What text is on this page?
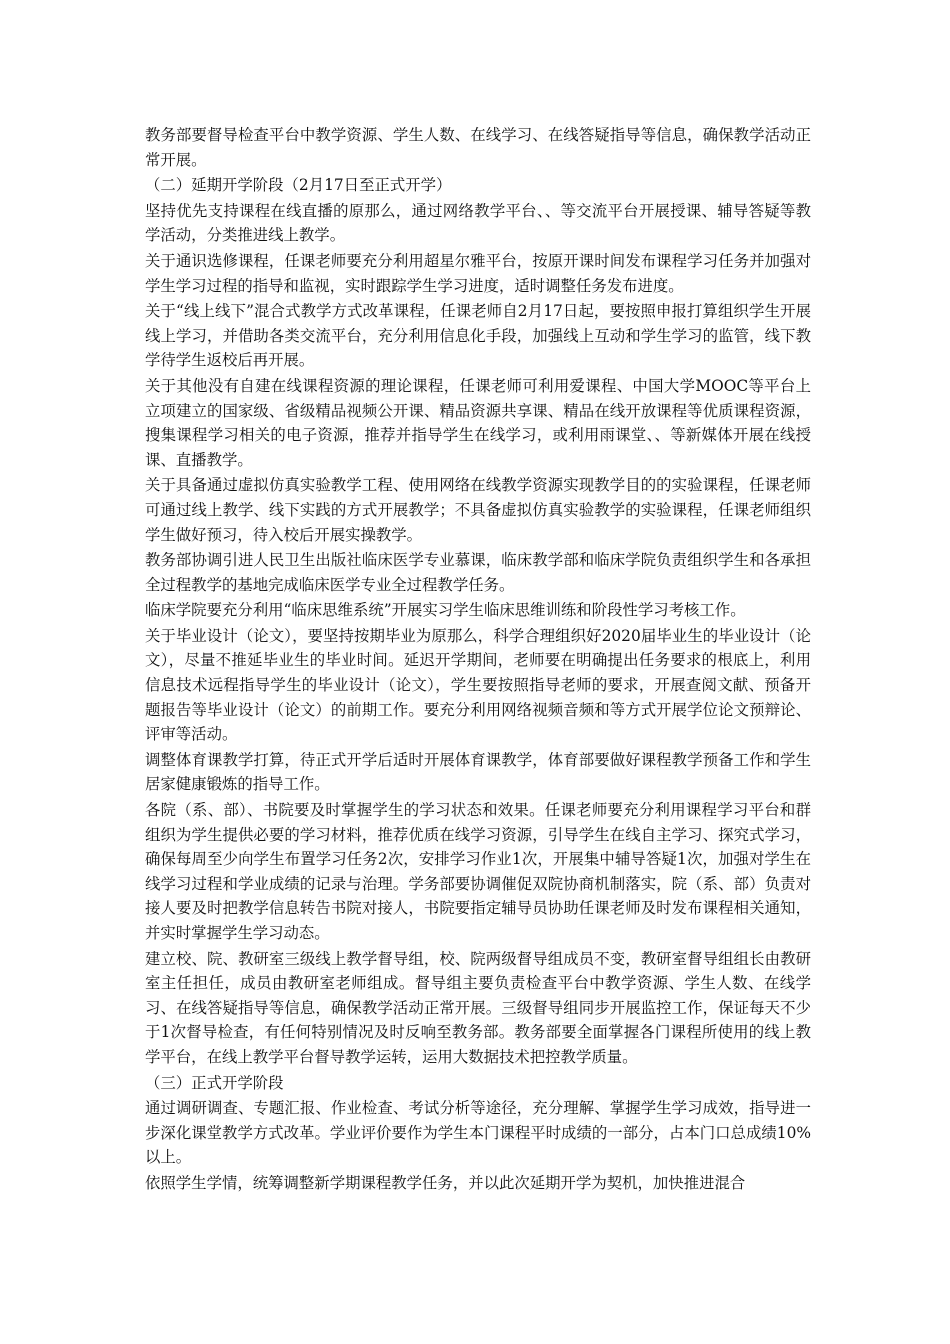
教务部要督导检查平台中教学资源、学生人数、在线学习、在线答疑指导等信息，确保教学活动正常开展。

（二）延期开学阶段（2月17日至正式开学）

坚持优先支持课程在线直播的原那么，通过网络教学平台、、等交流平台开展授课、辅导答疑等教学活动，分类推进线上教学。

关于通识选修课程，任课老师要充分利用超星尔雅平台，按原开课时间发布课程学习任务并加强对学生学习过程的指导和监视，实时跟踪学生学习进度，适时调整任务发布进度。

关于“线上线下”混合式教学方式改革课程，任课老师自2月17日起，要按照申报打算组织学生开展线上学习，并借助各类交流平台，充分利用信息化手段，加强线上互动和学生学习的监管，线下教学待学生返校后再开展。

关于其他没有自建在线课程资源的理论课程，任课老师可利用爱课程、中国大学MOOC等平台上立项建立的国家级、省级精品视频公开课、精品资源共享课、精品在线开放课程等优质课程资源，搜集课程学习相关的电子资源，推荐并指导学生在线学习，或利用雨课堂、、等新媒体开展在线授课、直播教学。

关于具备通过虚拟仿真实验教学工程、使用网络在线教学资源实现教学目的的实验课程，任课老师可通过线上教学、线下实践的方式开展教学；不具备虚拟仿真实验教学的实验课程，任课老师组织学生做好预习，待入校后开展实操教学。

教务部协调引进人民卫生出版社临床医学专业慕课，临床教学部和临床学院负责组织学生和各承担全过程教学的基地完成临床医学专业全过程教学任务。

临床学院要充分利用“临床思维系统”开展实习学生临床思维训练和阶段性学习考核工作。

关于毕业设计（论文），要坚持按期毕业为原那么，科学合理组织好2020届毕业生的毕业设计（论文），尽量不推延毕业生的毕业时间。延迟开学期间，老师要在明确提出任务要求的根底上，利用信息技术远程指导学生的毕业设计（论文），学生要按照指导老师的要求，开展查阅文献、预备开题报告等毕业设计（论文）的前期工作。要充分利用网络视频音频和等方式开展学位论文预辩论、评审等活动。

调整体育课教学打算，待正式开学后适时开展体育课教学，体育部要做好课程教学预备工作和学生居家健康锻炼的指导工作。

各院（系、部）、书院要及时掌握学生的学习状态和效果。任课老师要充分利用课程学习平台和群组织为学生提供必要的学习材料，推荐优质在线学习资源，引导学生在线自主学习、探究式学习，确保每周至少向学生布置学习任务2次，安排学习作业1次，开展集中辅导答疑1次，加强对学生在线学习过程和学业成绩的记录与治理。学务部要协调催促双院协商机制落实，院（系、部）负责对接人要及时把教学信息转告书院对接人，书院要指定辅导员协助任课老师及时发布课程相关通知，并实时掌握学生学习动态。

建立校、院、教研室三级线上教学督导组，校、院两级督导组成员不变，教研室督导组组长由教研室主任担任，成员由教研室老师组成。督导组主要负责检查平台中教学资源、学生人数、在线学习、在线答疑指导等信息，确保教学活动正常开展。三级督导组同步开展监控工作，保证每天不少于1次督导检查，有任何特别情况及时反响至教务部。教务部要全面掌握各门课程所使用的线上教学平台，在线上教学平台督导教学运转，运用大数据技术把控教学质量。

（三）正式开学阶段

通过调研调查、专题汇报、作业检查、考试分析等途径，充分理解、掌握学生学习成效，指导进一步深化课堂教学方式改革。学业评价要作为学生本门课程平时成绩的一部分，占本门口总成绩10%以上。

依照学生学情，统筹调整新学期课程教学任务，并以此次延期开学为契机，加快推进混合
